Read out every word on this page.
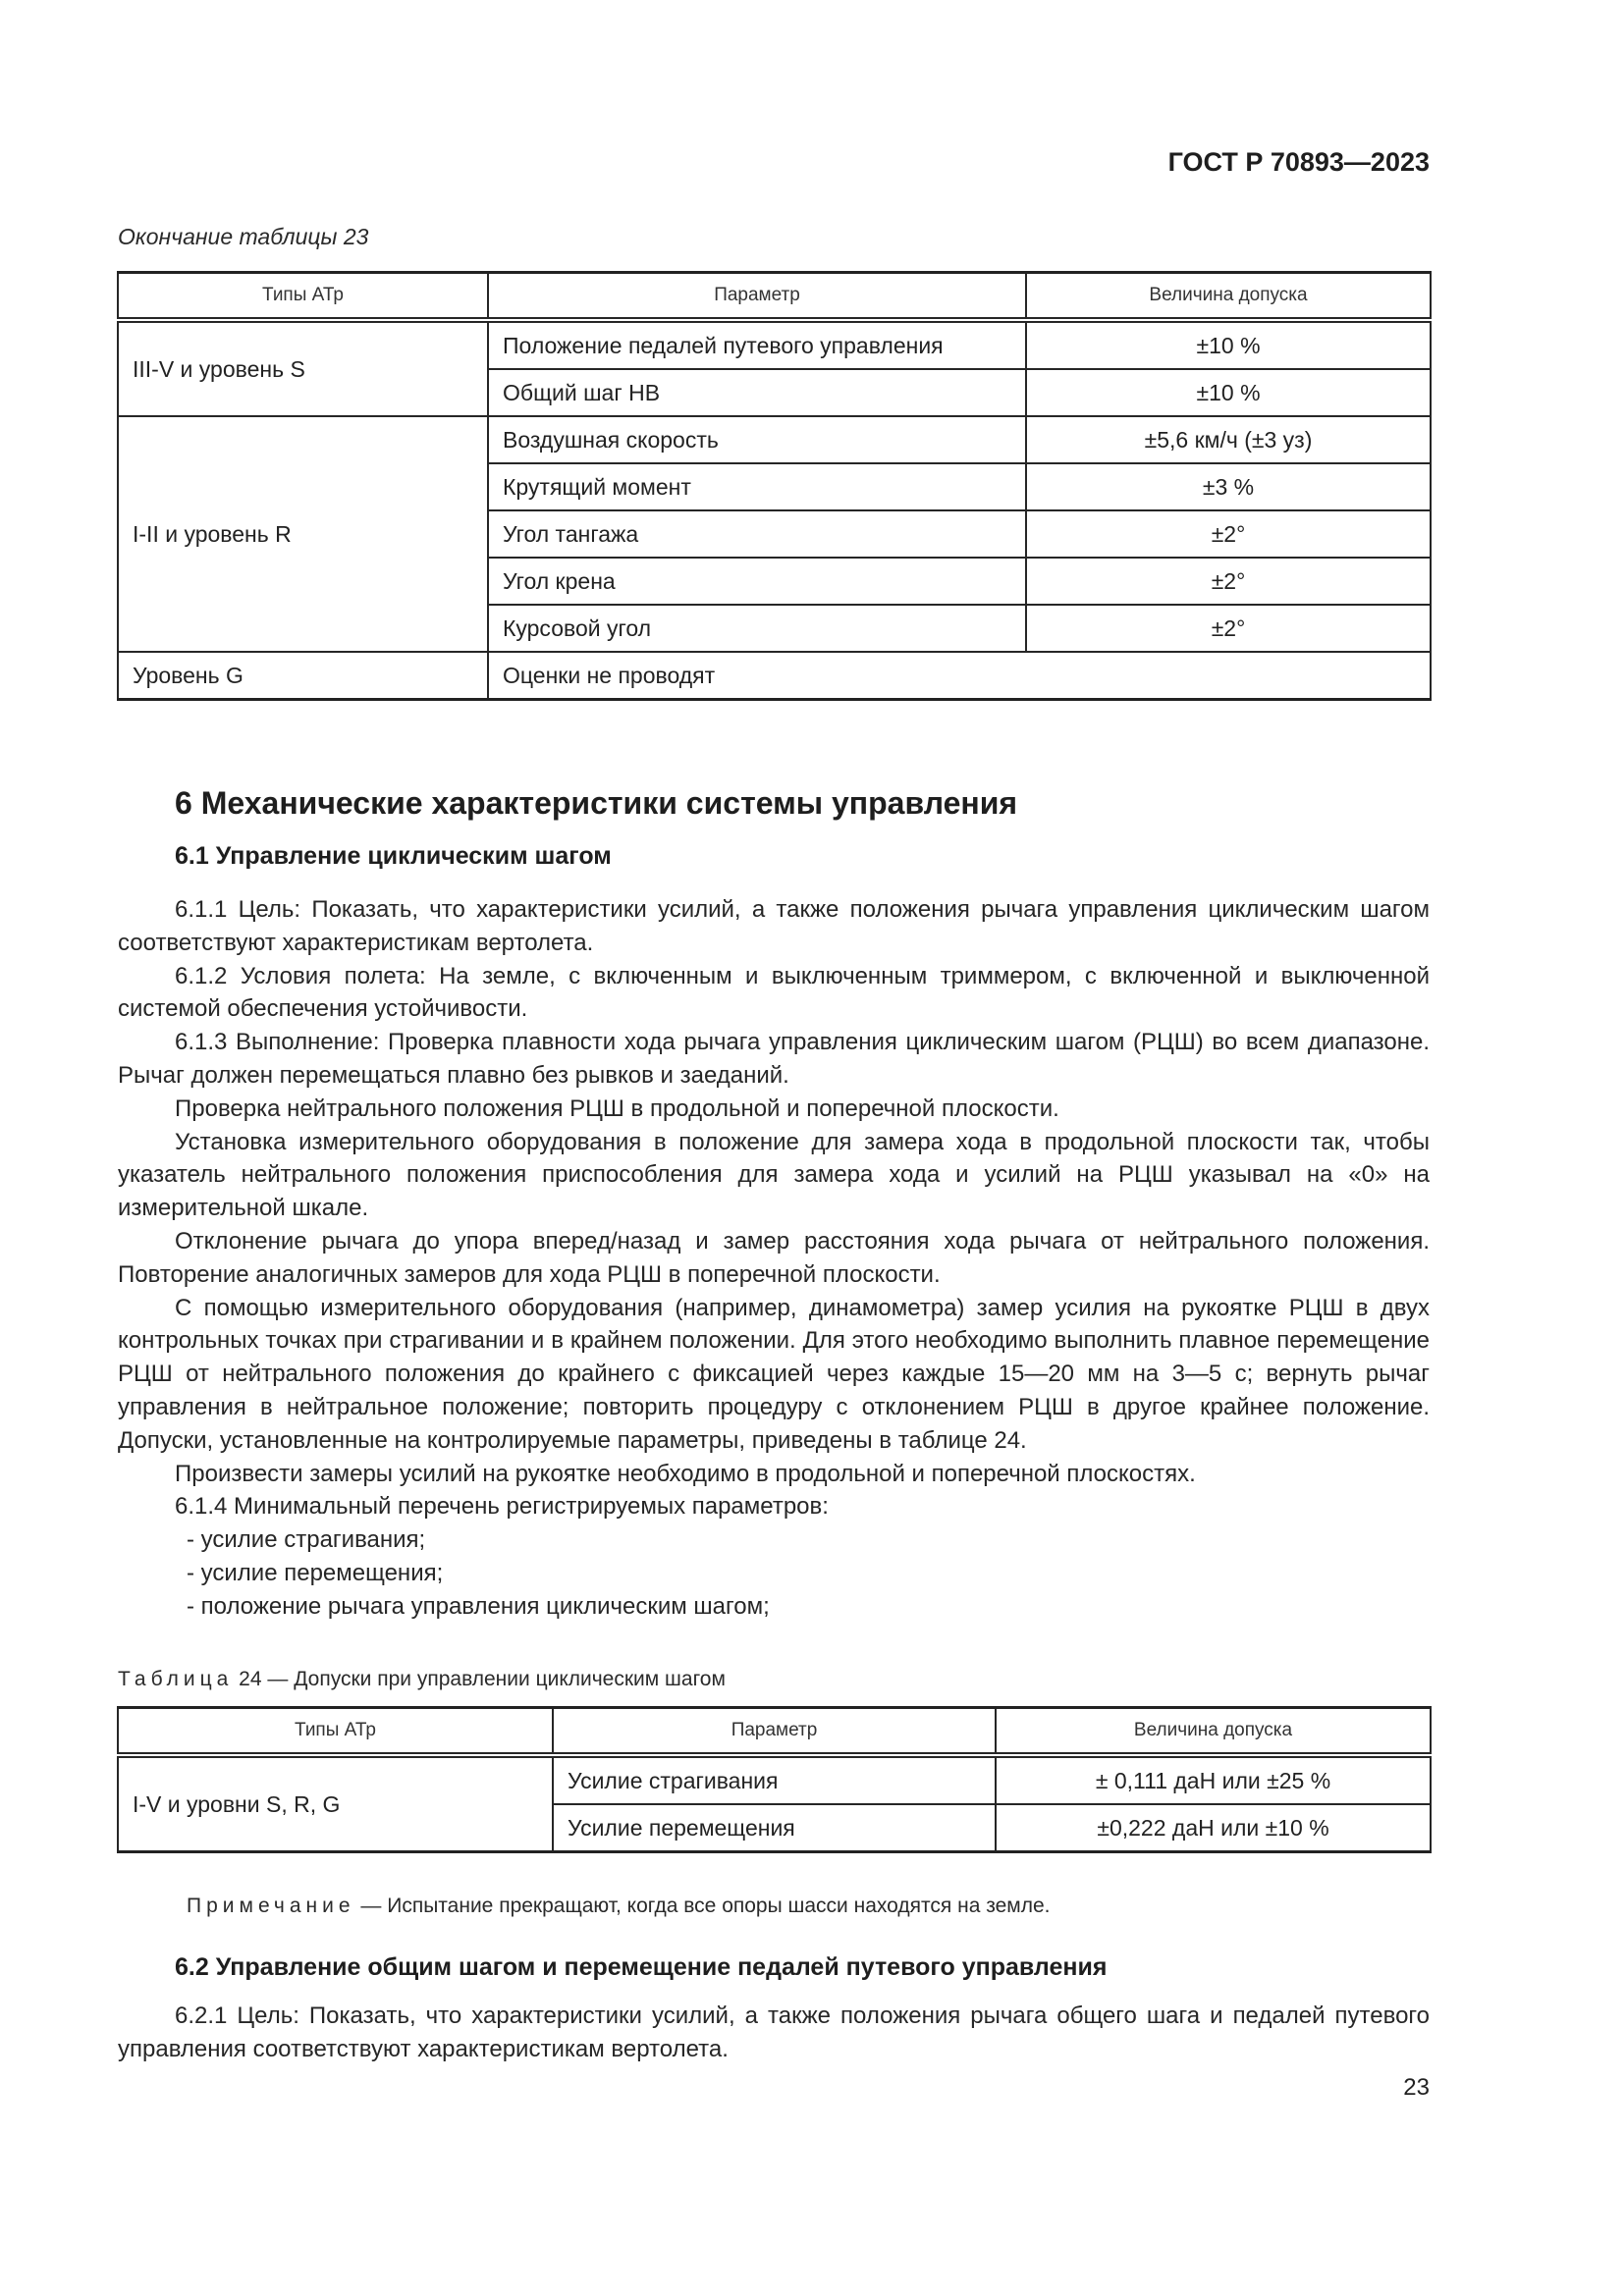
ГОСТ Р 70893—2023
Окончание таблицы 23
Типы АТр	Параметр	Величина допуска
III-V и уровень S	Положение педалей путевого управления	±10 %
	Общий шаг НВ	±10 %
I-II и уровень R	Воздушная скорость	±5,6 км/ч (±3 уз)
	Крутящий момент	±3 %
	Угол тангажа	±2°
	Угол крена	±2°
	Курсовой угол	±2°
Уровень G	Оценки не проводят	
6 Механические характеристики системы управления
6.1 Управление циклическим шагом

6.1.1 Цель: Показать, что характеристики усилий, а также положения рычага управления циклическим шагом соответствуют характеристикам вертолета.

6.1.2 Условия полета: На земле, с включенным и выключенным триммером, с включенной и выключенной системой обеспечения устойчивости.

6.1.3 Выполнение: Проверка плавности хода рычага управления циклическим шагом (РЦШ) во всем диапазоне. Рычаг должен перемещаться плавно без рывков и заеданий.

Проверка нейтрального положения РЦШ в продольной и поперечной плоскости.

Установка измерительного оборудования в положение для замера хода в продольной плоскости так, чтобы указатель нейтрального положения приспособления для замера хода и усилий на РЦШ указывал на «0» на измерительной шкале.

Отклонение рычага до упора вперед/назад и замер расстояния хода рычага от нейтрального положения. Повторение аналогичных замеров для хода РЦШ в поперечной плоскости.

С помощью измерительного оборудования (например, динамометра) замер усилия на рукоятке РЦШ в двух контрольных точках при страгивании и в крайнем положении. Для этого необходимо выполнить плавное перемещение РЦШ от нейтрального положения до крайнего с фиксацией через каждые 15—20 мм на 3—5 с; вернуть рычаг управления в нейтральное положение; повторить процедуру с отклонением РЦШ в другое крайнее положение. Допуски, установленные на контролируемые параметры, приведены в таблице 24.

Произвести замеры усилий на рукоятке необходимо в продольной и поперечной плоскостях.

6.1.4 Минимальный перечень регистрируемых параметров:

- усилие страгивания;

- усилие перемещения;

- положение рычага управления циклическим шагом;

Таблица 24 — Допуски при управлении циклическим шагом
Типы АТр	Параметр	Величина допуска
I-V и уровни S, R, G	Усилие страгивания	± 0,111 даН или ±25 %
	Усилие перемещения	±0,222 даН или ±10 %
Примечание — Испытание прекращают, когда все опоры шасси находятся на земле.
6.2 Управление общим шагом и перемещение педалей путевого управления

6.2.1 Цель: Показать, что характеристики усилий, а также положения рычага общего шага и педалей путевого управления соответствуют характеристикам вертолета.

23
